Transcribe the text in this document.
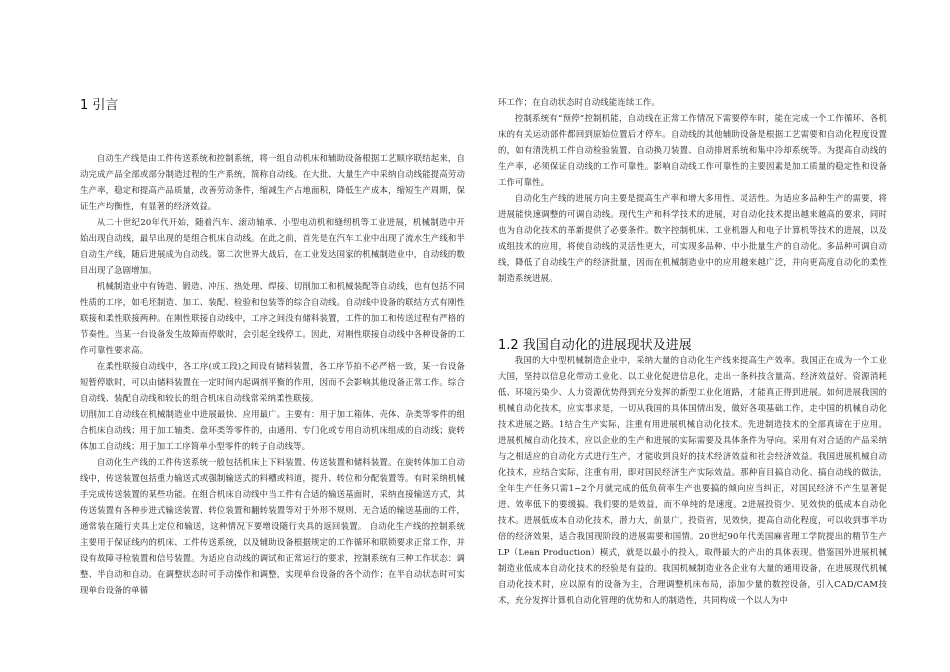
1 引言

自动生产线是由工件传送系统和控制系统，将一组自动机床和辅助设备根据工艺顺序联结起来，自动完成产品全部或部分制造过程的生产系统，简称自动线。在大批、大量生产中采纳自动线能提高劳动生产率，稳定和提高产品质量，改善劳动条件，缩减生产占地面积，降低生产成本，缩短生产周期，保证生产均衡性，有显著的经济效益。

从二十世纪20年代开始，随着汽车、滚动轴承、小型电动机和缝纫机等工业进展，机械制造中开始出现自动线，最早出现的是组合机床自动线。在此之前，首先是在汽车工业中出现了流水生产线和半自动生产线，随后进展成为自动线。第二次世界大战后，在工业发达国家的机械制造业中，自动线的数目出现了急剧增加。

机械制造业中有铸造、锻造、冲压、热处理、焊接、切削加工和机械装配等自动线，也有包括不同性质的工序，如毛坯制造、加工、装配、检验和包装等的综合自动线。自动线中设备的联结方式有刚性联接和柔性联接两种。在刚性联接自动线中，工序之间没有储料装置，工件的加工和传送过程有严格的节奏性。当某一台设备发生故障而停歇时，会引起全线停工。因此，对刚性联接自动线中各种设备的工作可靠性要求高。

在柔性联接自动线中，各工序(或工段)之间设有储料装置，各工序节拍不必严格一致，某一台设备短暂停歇时，可以由储料装置在一定时间内起调剂平衡的作用，因而不会影响其他设备正常工作。综合自动线、装配自动线和较长的组合机床自动线常采纳柔性联接。

切削加工自动线在机械制造业中进展最快、应用最广。主要有：用于加工箱体、壳体、杂类等零件的组合机床自动线；用于加工轴类、盘环类等零件的，由通用、专门化或专用自动机床组成的自动线；旋转体加工自动线；用于加工工序简单小型零件的转子自动线等。

自动化生产线的工件传送系统一般包括机床上下料装置、传送装置和储料装置。在旋转体加工自动线中，传送装置包括重力输送式或强制输送式的料槽或料道，提升、转位和分配装置等。有时采纳机械手完成传送装置的某些功能。在组合机床自动线中当工件有合适的输送基面时，采纳直接输送方式，其传送装置有各种步进式输送装置、转位装置和翻转装置等对于外形不规则、无合适的输送基面的工件，通常装在随行夹具上定位和输送，这种情况下要增设随行夹具的返回装置。 自动化生产线的控制系统主要用于保证线内的机床、工件传送系统，以及辅助设备根据规定的工作循环和联锁要求正常工作，并设有故障寻检装置和信号装置。为适应自动线的调试和正常运行的要求，控制系统有三种工作状态：调整、半自动和自动。在调整状态时可手动操作和调整，实现单台设备的各个动作；在半自动状态时可实现单台设备的单循

环工作；在自动状态时自动线能连续工作。

控制系统有“预停”控制机能，自动线在正常工作情况下需要停车时，能在完成一个工作循环、各机床的有关运动部件都回到原始位置后才停车。自动线的其他辅助设备是根据工艺需要和自动化程度设置的，如有清洗机工件自动检验装置、自动换刀装置、自动排屑系统和集中冷却系统等。为提高自动线的生产率，必须保证自动线的工作可靠性。影响自动线工作可靠性的主要因素是加工质量的稳定性和设备工作可靠性。

自动化生产线的进展方向主要是提高生产率和增大多用性、灵活性。为适应多品种生产的需要，将进展能快速调整的可调自动线。现代生产和科学技术的进展，对自动化技术提出越来越高的要求，同时也为自动化技术的革新提供了必要条件。数字控制机床、工业机器人和电子计算机等技术的进展，以及成组技术的应用，将使自动线的灵活性更大，可实现多品种、中小批量生产的自动化。多品种可调自动线，降低了自动线生产的经济批量，因而在机械制造业中的应用越来越广泛，并向更高度自动化的柔性制造系统进展。

1.2 我国自动化的进展现状及进展

我国的大中型机械制造企业中，采纳大量的自动化生产线来提高生产效率。我国正在成为一个工业大国，坚持以信息化带动工业化、以工业化促进信息化，走出一条科技含量高、经济效益好、资源消耗低、环境污染少、人力资源优势得到充分发挥的新型工业化道路，才能真正得到进展。如何进展我国的机械自动化技术，应实事求是，一切从我国的具体国情出发，做好各项基础工作，走中国的机械自动化技术进展之路。1结合生产实际，注重有用进展机械自动化技术。先进制造技术的全部真谛在于应用。进展机械自动化技术，应以企业的生产和进展的实际需要及具体条件为导向。采用有对合适的产品采纳与之相适应的自动化方式进行生产，才能收到良好的技术经济效益和社会经济效益。我国进展机械自动化技术，应结合实际，注重有用，即对国民经济生产实际效益。那种盲目搞自动化、搞自动线的做法，全年生产任务只需1~2个月就完成的低负荷率生产也要搞的倾向应当纠正，对国民经济不产生显著促进、效率低下的要缓搞。我们要的是效益，而不单纯的是速度。2进展投资少、见效快的低成本自动化技术。进展低成本自动化技术，潜力大，前景广，投资省，见效快，提高自动化程度，可以收到事半功倍的经济效果，适合我国现阶段的进展需要和国情。20世纪90年代美国麻省理工学院提出的精节生产LP（Lean Production）模式，就是以最小的投入，取得最大的产出的具体表现。借鉴国外进展机械制造业低成本自动化技术的经验是有益的。我国机械制造业各企业有大量的通用设备，在进展现代机械自动化技术时，应以原有的设备为主，合理调整机床布局，添加少量的数控设备，引入CAD/CAM技术，充分发挥计算机自动化管理的优势和人的制造性，共同构成一个以人为中
